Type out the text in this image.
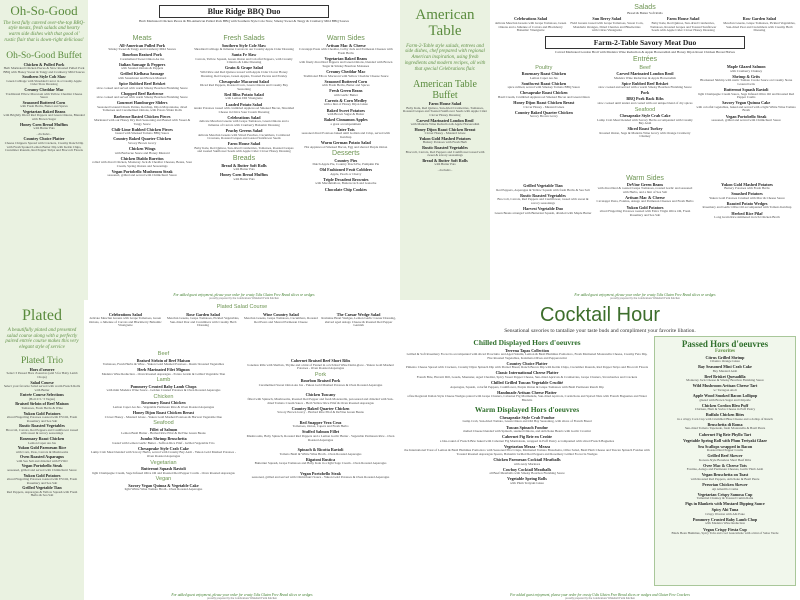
Oh-So-Good
The best fully catered over-the-top BBQ-style meats, fresh salads and hearty warm side dishes with that good ol' rustic flair that is down-right delicious!
Oh-So-Good Buffet
Chicken & Pulled Pork
Herb Marinated Chicken Pieces & Slow Roasted Pulled Pork BBQ with Honey Sweet & Tangy and Cranberry Mild Sauces
Southern Style Cob Slaw
Green Cabbage with Shredded Carrot in a Creamy Apple Cider Slaw Dressing
Creamy Cheddar Mac
Traditional Elbow Macaroni with Yellow Cheddar Cheese Sauce
Seasoned Buttered Corn
with Fresh Herbs, Butter and Spices
Vegetarian Baked Beans
with Brightly Diced Red Peppers and Green Onions, Blended with Brown Sugar
Honey Corn Bread Muffins
with Butter Pats
- Includes -
Country Choice Platter
Cheese Chippers Spread with Crackers, Creamy Ranch Dip with Fresh Spoked Lemon Butter Dip with Kettle Chips, Cucumber Rounds, Red Pepper Strips and Broccoli Florets
Blue Ridge BBQ Duo
Herb Marinated Chicken Pieces & Bli-American Pulled Pork BBQ with Southern Style Cole Slaw, Smoky Sweet & Tangy & Cranberry Mild BBQ Sauces
Meats
All-American Pulled Pork
Smoky Sweet & Tangy and Cranberry Mild Sauces
Bourbon Braised Pork
Caramelized Sweet Onion Au Jus
Italian Sausage & Peppers
with Sautéed Onions & Peppers
Grilled Kielbasa Sausage
with Sauerkraut and Brown Mustard
Spice Rubbed Beef Brisket
slow cooked and served with warm Smoky Bourbon Finishing Sauce
Chopped Beef Barbecue
slow cooked and served with warm Smoky Bourbon Finishing Sauce
Gourmet Hamburger Sliders
Seasoned Ground Chuck Patties, Ketchup, Dijon Mayonnaise, diced Tomatoes and Caramelized Onions, with Potato Slider Rolls
Barbecue Basted Chicken Pieces
Marinated with our Honey Dry Rub Seasoning and Basted with Sweet & Tangy Sauce
Chili-Lime Rubbed Chicken Pieces
basted with Smoked Tomato BBQ Sauce
Country Baked Quarter Chicken
Savory Brown Gravy
Chicken Wings
with Barbecue Sauce and Honey Mustard
Chicken Diablo Burritos
rolled with diced Chicken, Monterey Jack & Cheddar Cheeses, Beans, Sour Cream, Spring Onions and Seasonings
Vegan Portobello Mushroom Steak
seasoned, grilled and served with Chimichurri Sauce
Fresh Salads
Southern Style Cole Slaw
Shredded Cabbage & Julienne Carrots in our Creamy Apple Cider Dressing
Santa Fe Slaw
Carrots, Yellow Squash, Green Onion and Colorful Peppers, with Creamy Cilantro & Lime Dressing
Grain & Grape Salad
Wild Rice and Red Quinoa tossed with Apple Cider Clover Honey Dressing, Red Grapes, Green Apples, Toasted Pecans and Parsley
Chesapeake Macaroni Salad
Diced Red Peppers, Roasted Corn, Green Onions and Creamy Bay Seasoning
Red Bliss Potato Salad
with Lemon Dill Vinaigrette
Loaded Potato Salad
tender Potatoes tossed with crumbled Applewood Smoked Bacon, Shredded Cheese in Chive Sour Cream Dressing
Celebrations Salad
delicate Mesclun Greens with Grape Tomatoes, Green Onions and a Julienne of Carrots with Cranberry Balsamic Dressing
Peachy Greens Salad
delicate Mesclun Greens with Sliced Peaches, Cucumbers, Cornbread Croutons, Roasted Grapes and toasted Sunflower Seeds
Farm House Salad
Baby Kale, Red Quinoa, Sun-dried Cranberries, Tomatoes, Roasted Grapes and toasted Sunflower Seeds with Apple Cider Clover Honey Dressing
Breads
Bread & Butter Soft Rolls
with Butter Pats
Honey Corn Bread Muffins
with Butter Pats
Warm Sides
Artisan Mac & Cheese
Cavatappi Pasta with Cheddar, Colby Jack and Parmesan Cheeses with Fresh Herbs
Vegetarian Baked Beans
with finely diced Red Peppers and Green Onions, blended with Brown Sugar & Smoky Bourbon Molasses
Creamy Cheddar Mac
Traditional Elbow Macaroni with Yellow Cheddar Cheese Sauce
Seasoned Buttered Corn
with Fresh Herbs, Butter and Spices
Fresh Green Beans
with Garlic Butter
Carrots & Corn Medley
with a hint of Honey Dijon Glaze
Baked Sweet Potatoes
with Brown Sugar & Butter
Baked Cinnamon Apples
a great accompaniment
Tater Tots
seasoned diced Potatoes baked until Golden and Crisp, served with Ketchup
Warm German Potato Salad
Hot Applewood Smoked Bacon, Egg and shaved Purple Onion
Desserts
Country Pies
Dutch Apple Pie, Country Peach Pie, Pumpkin Pie
Old Fashioned Fruit Cobblers
Apple, Peach or Cherry
Triple Decadent Brownies
with Marshmallow, Butterscotch and Ganache
Chocolate Chip Cookies
For added guest enjoyment, please your order for crusty Udis Gluten Free Bread slices or wedges
proudly prepared by the Celebrations Whitehall Farm Kitchen
American Table
Farm-2-Table style salads, entrees and side dishes, chef prepared with regional American inspiration, using fresh ingredients and modern recipes, all with that special Celebrations flair.
American Table Buffet
Farm House Salad
Baby Kale, Red Quinoa, Sun-dried Cranberries, Tomatoes, Roasted Grapes and Toasted Sunflower Seeds with Apple Cider Clover Honey Dressing
Carved Marinated London Broil
with Madeira Wine Reduction & Apple Horseradish
Honey Dijon Roast Chicken Breast
Clover Honey - Mustard Glaze
Yukon Gold Mashed Potatoes
Buttery Potatoes with Fresh Herb
Rustic Roasted Vegetables
Broccoli, Carrots, Red Peppers and Cauliflower tossed with sweet & savory seasonings
Bread & Butter Soft Rolls
with Butter Pats
- includes -
Salads
Bread & Butter Soft Rolls
Celebrations Salad
delicate Mesclun Greens with Grape Tomatoes, Green Onions and a Julienne of Carrots and Blackberry Balsamic Vinaigrette
Sun Berry Salad
Field Greens tossed with Grape Tomatoes, Sweet Corn, Mandarin Oranges, Dried Cherries and Blueberries with Citrus Vinaigrette
Farm House Salad
Baby Kale, Red Quinoa, Sun-dried Cranberries, Tomatoes, Roasted Grapes and Toasted Sunflower Seeds with Apple Cider Clover Honey Dressing
Row Garden Salad
Mesclun Greens, Grape Tomatoes, Pickled Vegetables, Sun-dried Pear and Cucumbers with Creamy Herb Dressing
Farm-2-Table Savory Meat Duo
Carved Marinated London Broil with Madeira Wine Reduction & Apple Horseradish and Honey Dijon Roast Chicken Breast Halves
Entrées
Poultry
Rosemary Roast Chicken
Lemon Caper Au Jus
Southwest Roast Chicken
spice rubbed, served with Smokey Tomato BBQ Sauce
Chesapeake Roast Chicken
Basil Cream, Crumbled Applewood Smoked Bacon and Green Onion
Honey Dijon Roast Chicken Breast
Clover Honey - Mustard Glaze
Country Baked Quarter Chicken
Savory Brown Gravy
Beef
Carved Marinated London Broil
Madeira Wine Reduction & Apple Horseradish
Spice Rubbed Beef Brisket
slow cooked and served with a warm Smoky Bourbon Finishing Sauce
Pork
BBQ Pork Back Ribs
slow cooked until tender and coated with our unique blend of dry spices
Seafood
Chesapeake Style Crab Cake
Lump Crab Meat blended with Savory Herbs accompanied with Creamy Bay Aioli
Sliced Roast Turkey
Roasted Onion, Sage & Madeira Wine Gravy with Orange Cranberry Chutney
Maple Glazed Salmon
with Cranberry Chutney
Shrimp & Grits
Blackened Shrimp with rustic Tomato Creole Sauce on Creamy Stone Ground Grits
Butternut Squash Ravioli
light Champagne Cream Sauce, Sage Infused Olive Oil and Roasted Red Pepper Coulis
Savory Vegan Quinoa Cake
with colorful vegetables, baked and served with a light White Wine Tomato Broth
Vegan Portobello Steak
seasoned, grilled and served with Chimichurri Sauce
Warm Sides
Grilled Vegetable Tian
Red Peppers, Asparagus & Yellow Squash with fresh Herbs & Sea Salt
Rustic Roasted Vegetables
Broccoli, Carrots, Red Peppers and Cauliflower, tossed with sweet & savory seasonings
Harvest Vegetable Duo
Green Beans arranged with Butternut Squash, drizzled with Maple Butter
DeVine Green Beans
with diced Red & roasted Grape Tomatoes, roasted Garlic and seasoned with Herbs, and a hint of Sea Salt
Artisan Mac & Cheese
Cavatappi Pasta, Fontina, Asiago and Parmesan Cheeses and Fresh Herbs
Yukon Gold Potatoes
sliced Fingerling Potatoes roasted with Extra Virgin Olive Oil, Fresh Rosemary and Sea Salt
Yukon Gold Mashed Potatoes
Buttery Potatoes with Fresh Herbs
Smashed Potatoes
Yukon Gold Potatoes Crushed with Mac & Cheese Sauce
Roasted Potato Wedges
Rosemary and Garlic Olive Oil accompanied with Tomato Ketchup
Herbed Rice Pilaf
Long Grain Rice simmered in rich Chicken Broth
For added guest enjoyment, please your order for crusty Udis Gluten Free Bread slices or wedges
proudly prepared by the Celebrations Whitehall Farm Kitchen
Plated
A beautifully plated and presented salad course along with a perfectly paired entrée course makes this very elegant style of service
Plated Trio
Hors d'oeuvre
Select 3 Passed Hors d'oeuvres (add 5 for Baby Lamb Chops)
Salad Course
Select your favorite Salad served with warm French Rolls with Butter
Entrée Course Selections
(Boil 2/3 / 3 Vegan)
Braised Sirloin of Beef Maison
Tomatoes, Fresh Herbs & Wine
Yukon Gold Potatoes
sliced Fingerling Potatoes roasted with EVOO, Fresh Rosemary and Sea Salt
Rustic Roasted Vegetables
Broccoli, Carrots, Red Peppers and Cauliflower tossed with sweet & savory seasonings
Rosemary Roast Chicken
Lemon Caper Au Jus
Yukon Gold Parmesan Rice
with Corn, Peas, Carrots & Mushrooms
Oven Roasted Asparagus
with Sea Salt and drizzled with EVOO
Vegan Portobello Steak
seasoned, grilled and served with Chimichurri Sauce
Yukon Gold Potatoes
sliced Fingerling Potatoes roasted with EVOO, Fresh Rosemary and Sea Salt
Grilled Vegetable Tian
Red Peppers, Asparagus & Yellow Squash with Fresh Herbs & Sea Salt
Plated Salad Course
Celebrations Salad
delicate Mesclun Greens with Grape Tomatoes, Green Onions, a Julienne of Carrots and Blackberry Balsamic Vinaigrette
Rose Garden Salad
Mesclun Greens, Grape Tomatoes, Pickled Vegetables, Sun-dried Pear and Cucumbers with Creamy Herb Dressing
Wine Country Salad
Mesclun Greens, Grape Tomatoes, Cucumbers, Roasted Red Pears and Shaved Parmesan Cheese
The Caesar Wedge Salad
Romaine Heart Wedges, Lemon Garlic Caesar Dressing, shaved aged Asiago Cheese & Roasted Red Pepper Garnish
Beef
Braised Sirloin of Beef Maison
Tomatoes, Fresh Herbs & Wine - Yukon Gold Mashed Potatoes - Rustic Roasted Vegetables
Herb Marinated Filet Mignon
Madeira Wine Reduction - Oven Roasted Asparagus - Potato Gratin & Grilled Vegetable Tian
Lamb
Pommery Crusted Baby Lamb Chops
with mint Madeira Wine Sauce - Golden Crusted Potatoes & Oven Roasted Asparagus
Chicken
Rosemary Roast Chicken
Lemon Caper Au Jus - Vegetable Parmesan Rice & Oven Roasted Asparagus
Honey Dijon Roast Chicken Breast
Clover Honey - Mustard Glaze - Yukon Gold Mashed Potatoes & Harvest Vegetable Duo
Seafood
Fillet of Salmon
Lemon Basil Butter - Herbed Rice Pilaf & DeVine Green Beans
Jumbo Shrimp Bruschetta
basted with Lemon Garlic Butter - Saffron Rice Pilaf - Grilled Vegetable Trio
Chesapeake Style Crab Cake
Lump Crab Meat blended with Savory Herbs, served with Creamy Bay Aioli - Yukon Gold Mashed Potatoes - Oven Roasted Asparagus
Vegetarian
Butternut Squash Ravioli
light Champagne Cream, Sage Infused Olive Oil and Roasted Red Pepper Coulis - Oven Roasted Asparagus
Vegan
Savory Vegan Quinoa & Vegetable Cake
light White Wine Tomato Broth - Oven Roasted Asparagus
Cabernet Braised Beef Short Ribs
boneless Ribs with Shallots, Thyme and a hint of Fennel in a rich Red Wine Demi-glace - Yukon Gold Mashed Potatoes - Oven Roasted Asparagus
Pork
Bourbon Braised Pork
Caramelized Sweet Onion Au Jus - Yukon Gold Mashed Potatoes & Oven Roasted Asparagus
Chicken Tuscany
filled with Spinach, Mushrooms, Roasted Red Pepper and fresh Mozzarella, pan seared and drizzled with Sun-dried Tomato Cream Sauce - Herb Yellow Rice Pilaf & Oven Roasted Asparagus
Country Baked Quarter Chicken
Savory Brown Gravy - Herbed Rice Pilaf & DeVine Green Beans
Red Snapper Vera Cruz
Tomatoes, Onion, Capers and Fresh Herbs
Stuffed Salmon Fillet
Mushrooms, Baby Spinach, Roasted Red Peppers and a Lemon Garlic Butter - Vegetable Parmesan Rice - Oven Roasted Asparagus
Spinach & Ricotta Ravioli
Tomato Basil & White Wine Broth - Oven Roasted Asparagus
Rigatoni Rustica
Butternut Squash, Grape Tomatoes and Baby Kale in a light Sage Cream - Oven Roasted Asparagus
Vegan Portobello Steak
seasoned, grilled and served with Chimichurri Sauce - Yukon Gold Potatoes & Oven Roasted Asparagus
For added guest enjoyment, please your order for crusty Udis Gluten Free Bread slices or wedges
proudly prepared by the Celebrations Whitehall Farm Kitchen
Cocktail Hour
Sensational savories to tantalize your taste buds and compliment your favorite libation.
Chilled Displayed Hors d'oeuvres
Terrena Tapas Collection
Grilled & Soft Rosemary Focaccia accompanied with sliced Prosciutto and Aged Salami, Lemon & Basil Hummus Pomodoro, Fresh Marinated Mozzarella Cheese, Creamy Feta Dip, Fire Roasted Vegetables, Kalamata Olives and Pepperoncini
Country Choice Platter
Pimento Cheese Spread with Crackers, Creamy Dijon Spinach Dip with Pretzel Bread, Ranch Bacon Dip with Kettle Chips, Cucumber Rounds, Red Pepper Strips and Broccoli Florets
Classic International Cheese Platter
French Brie, Havarti Dill, Gouda, Muenster, Aged Cheddar, Spicy Sweet Pepper Cheese, Sun-dried Apricots & Cranberries, Grape Clusters, Strawberries and Crackers
Chilled Grilled Tuscan Vegetable Crudité
Asparagus, Squash, colorful Peppers, Cauliflower, Purple Onion & Grape Tomatoes with Basil Parmesan Ranch Dip
Handmade Artisan Cheese Platter
a fine Regional Italian Style Cheese Wedges paired with Grape Clusters, Cabernet Fig Marmalade, Sun-dried Apricots, Cornichons and Spiced Nuts with French Baguettes and Water Biscuits
Warm Displayed Hors d'oeuvres
Chesapeake Style Crab Fondue
Lump Crab, Sun-dried Tomato, Green Onion and Old Bay Seasoning, with slices of French Bread
Tuscan Spinach Fondue
melted Cheese blended with Spinach, sautéed Onions, and Artichoke Hearts with Garlic Crostini
Cabernet Fig Brie en Croûte
a bite-round of French Brie baked with Cabernet Fig Marmalade, wrapped in Puff Pastry accompanied with sliced French Baguettes
Vegetarian Mezza - Mezza
the International Treat of Lemon & Basil Hummus Pomodoro with Seasoned Pita Crisps, Marinated Tomato Bruschetta, Olive Salad, Basil Herb Cheese and Tuscan Spinach Fondue with Toasted Roasted Asparagus Spears, Balsamic Grilled Red Peppers and Rosemary Grilled Focaccia Wedges
Chicken Parmesan Cocktail Meatballs
with zesty Marinara
Cowboy Cocktail Meatballs
all Beef Meatballs with Smoky Bourbon Finishing Sauce
Vegetable Spring Rolls
with Plum Teriyaki Glaze
Passed Hors d'oeuvres
Favorites
Citrus Grilled Shrimp
Cilantro Orange Glaze
Bay Seasoned Mini Crab Cake
Bay Mustard Aioli
Beef Brisket Quesadilla
Monterey Jack Cheese & Smoky Bourbon Finishing Sauce
Wild Mushroom Artisan Cheese Tart
w/ Tarragon Aioli
Apple Wood Smoked Bacon Lollipop
glazed with Brown Sugar and Chipotle
Chicken Cordon Bleu Puff
Chicken, Ham & Swiss Cheese in Puff Pastry
Buffalo Chicken Bites
in a crispy Corn Cup with Crumbled Blue Cheese and a dollop of Ranch
Bruschetta di Roma
Sun-dried Tomato Tapenade, fresh Mozzarella & Basil Purée
Cabernet Fig Brie Phyllo Tart
Vegetable Spring Roll with Plum Teriyaki Glaze
Sea Scallops wrapped in Bacon
Roasted Red Pepper Coulis
Grilled Beef Skewer
Korean-Style Boneless Short Beef Ribs
Ovee Mac & Cheese Tots
Fontina, Asiago and Parmesan Cheeses, Garlic Herb Aioli
Vegan Bruschetta on Toast
with Roasted Red Peppers, Artichoke & Basil Purée
Peruvian Chicken Skewer
Aji Amarillo Crema
Vegetarian Crispy Samosa Cup
Tamarind Chutney & Toasted Cumin Raita
Pigs in Blankets with Mustard Dipping Sauce
Spicy Ahi Tuna
Crispy Wonton with Ahi Poke
Pommery Crusted Baby Lamb Chop
with Madeira Wine Reduction
Vegan Crispy Fiesta Cup
Black Bean Hummus, Spicy Tofu and cool Guacamole with a hint of Salsa Verde
For added guest enjoyment, please your order for crusty Udis Gluten Free Bread slices or wedges and Gluten Free Crackers
proudly prepared by the Celebrations Whitehall Farm Kitchen
